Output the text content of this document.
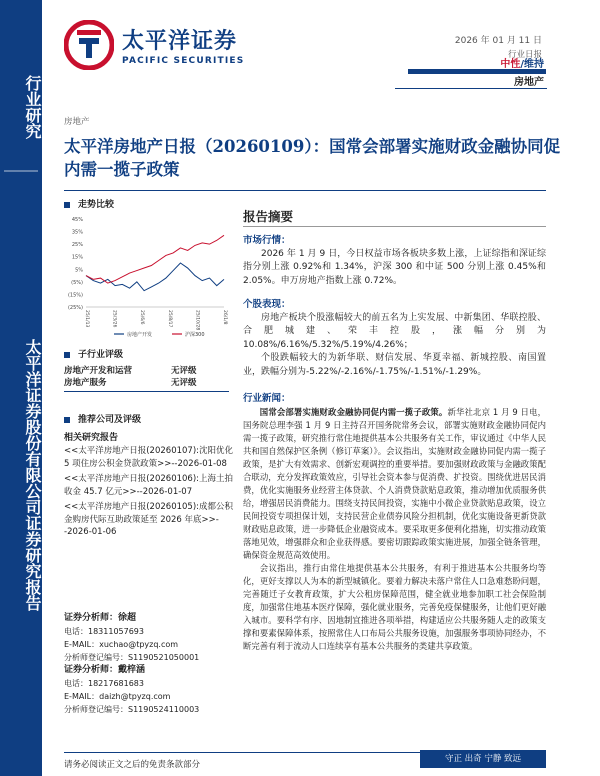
行业研究
太平洋证券股份有限公司证券研究报告
太平洋证券
PACIFIC SECURITIES
2026 年 01 月 11 日
行业日报
中性/维持
房地产
房地产
太平洋房地产日报（20260109）：国常会部署实施财政金融协同促内需一揽子政策
走势比较
45%
35%
25%
15%
5%
(5%)
(15%)
(25%)
25/1/13	25/3/26	25/6/6	25/8/17	25/10/28	26/1/8
房地产开发	沪深300
子行业评级
房地产开发和运营	无评级
房地产服务	无评级
推荐公司及评级
相关研究报告

<<太平洋房地产日报(20260107):沈阳优化 5 项住房公积金贷款政策>>--2026-01-08

<<太平洋房地产日报(20260106):上海土拍收金 45.7 亿元>>--2026-01-07

<<太平洋房地产日报(20260105):成都公积金购房代际互助政策延至 2026 年底>>--2026-01-06

证券分析师：徐超
电话：18311057693
E-MAIL：xuchao@tpyzq.com
分析师登记编号：S1190521050001
证券分析师：戴梓涵
电话：18217681683
E-MAIL：daizh@tpyzq.com
分析师登记编号：S1190524110003
报告摘要
市场行情：

2026 年 1 月 9 日，今日权益市场各板块多数上涨，上证综指和深证综指分别上涨 0.92%和 1.34%，沪深 300 和中证 500 分别上涨 0.45%和 2.05%。申万房地产指数上涨 0.72%。

个股表现：

房地产板块个股涨幅较大的前五名为上实发展、中新集团、华联控股、合肥城建、荣丰控股，涨幅分别为 10.08%/6.16%/5.32%/5.19%/4.26%；

个股跌幅较大的为新华联、财信发展、华夏幸福、新城控股、南国置业，跌幅分别为-5.22%/-2.16%/-1.75%/-1.51%/-1.29%。

行业新闻：

国常会部署实施财政金融协同促内需一揽子政策。新华社北京 1 月 9 日电，国务院总理李强 1 月 9 日主持召开国务院常务会议，部署实施财政金融协同促内需一揽子政策，研究推行常住地提供基本公共服务有关工作，审议通过《中华人民共和国自然保护区条例（修订草案）》。会议指出，实施财政金融协同促内需一揽子政策，是扩大有效需求、创新宏观调控的重要举措。要加强财政政策与金融政策配合联动，充分发挥政策效应，引导社会资本参与促消费、扩投资。围绕优进居民消费，优化实施服务业经营主体贷款、个人消费贷款贴息政策，推动增加优质服务供给，增强居民消费能力。围绕支持民间投资，实施中小微企业贷款贴息政策，设立民间投资专项担保计划，支持民营企业债券风险分担机制，优化实施设备更新贷款财政贴息政策，进一步降低企业融资成本。要采取更多便利化措施，切实推动政策落地见效，增强群众和企业获得感。要密切跟踪政策实施进展，加强全链条管理，确保资金规范高效使用。

会议指出，推行由常住地提供基本公共服务，有利于推进基本公共服务均等化，更好支撑以人为本的新型城镇化。要着力解决未落户常住人口急难愁盼问题，完善随迁子女教育政策，扩大公租房保障范围，健全就业地参加职工社会保险制度，加强常住地基本医疗保障，强化就业服务，完善免疫保健服务，让他们更好融入城市。要科学有序、因地制宜推进各项举措，构建适应公共服务随人走的政策支撑和要素保障体系，按照常住人口布局公共服务设施，加强服务事项协同经办，不断完善有利于流动人口连续享有基本公共服务的类建共享政策。

请务必阅读正文之后的免责条款部分
守正 出奇 宁静 致远
